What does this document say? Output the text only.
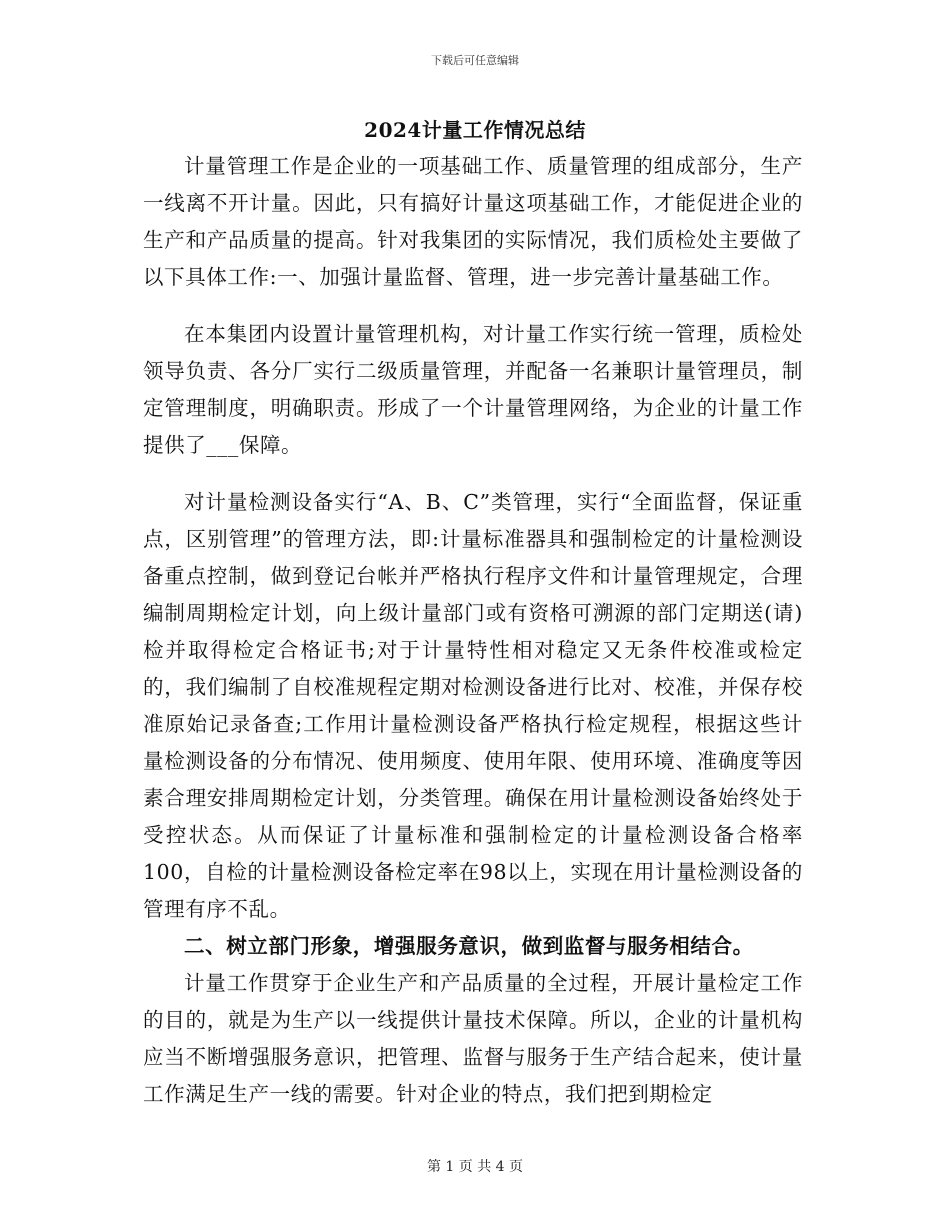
下载后可任意编辑
2024计量工作情况总结

计量管理工作是企业的一项基础工作、质量管理的组成部分，生产一线离不开计量。因此，只有搞好计量这项基础工作，才能促进企业的生产和产品质量的提高。针对我集团的实际情况，我们质检处主要做了以下具体工作:一、加强计量监督、管理，进一步完善计量基础工作。

在本集团内设置计量管理机构，对计量工作实行统一管理，质检处领导负责、各分厂实行二级质量管理，并配备一名兼职计量管理员，制定管理制度，明确职责。形成了一个计量管理网络，为企业的计量工作提供了___保障。

对计量检测设备实行“A、B、C”类管理，实行“全面监督，保证重点，区别管理”的管理方法，即:计量标准器具和强制检定的计量检测设备重点控制，做到登记台帐并严格执行程序文件和计量管理规定，合理编制周期检定计划，向上级计量部门或有资格可溯源的部门定期送(请)检并取得检定合格证书;对于计量特性相对稳定又无条件校准或检定的，我们编制了自校准规程定期对检测设备进行比对、校准，并保存校准原始记录备查;工作用计量检测设备严格执行检定规程，根据这些计量检测设备的分布情况、使用频度、使用年限、使用环境、准确度等因素合理安排周期检定计划，分类管理。确保在用计量检测设备始终处于受控状态。从而保证了计量标准和强制检定的计量检测设备合格率100，自检的计量检测设备检定率在98以上，实现在用计量检测设备的管理有序不乱。

二、树立部门形象，增强服务意识，做到监督与服务相结合。

计量工作贯穿于企业生产和产品质量的全过程，开展计量检定工作的目的，就是为生产以一线提供计量技术保障。所以，企业的计量机构应当不断增强服务意识，把管理、监督与服务于生产结合起来，使计量工作满足生产一线的需要。针对企业的特点，我们把到期检定

第 1 页 共 4 页
